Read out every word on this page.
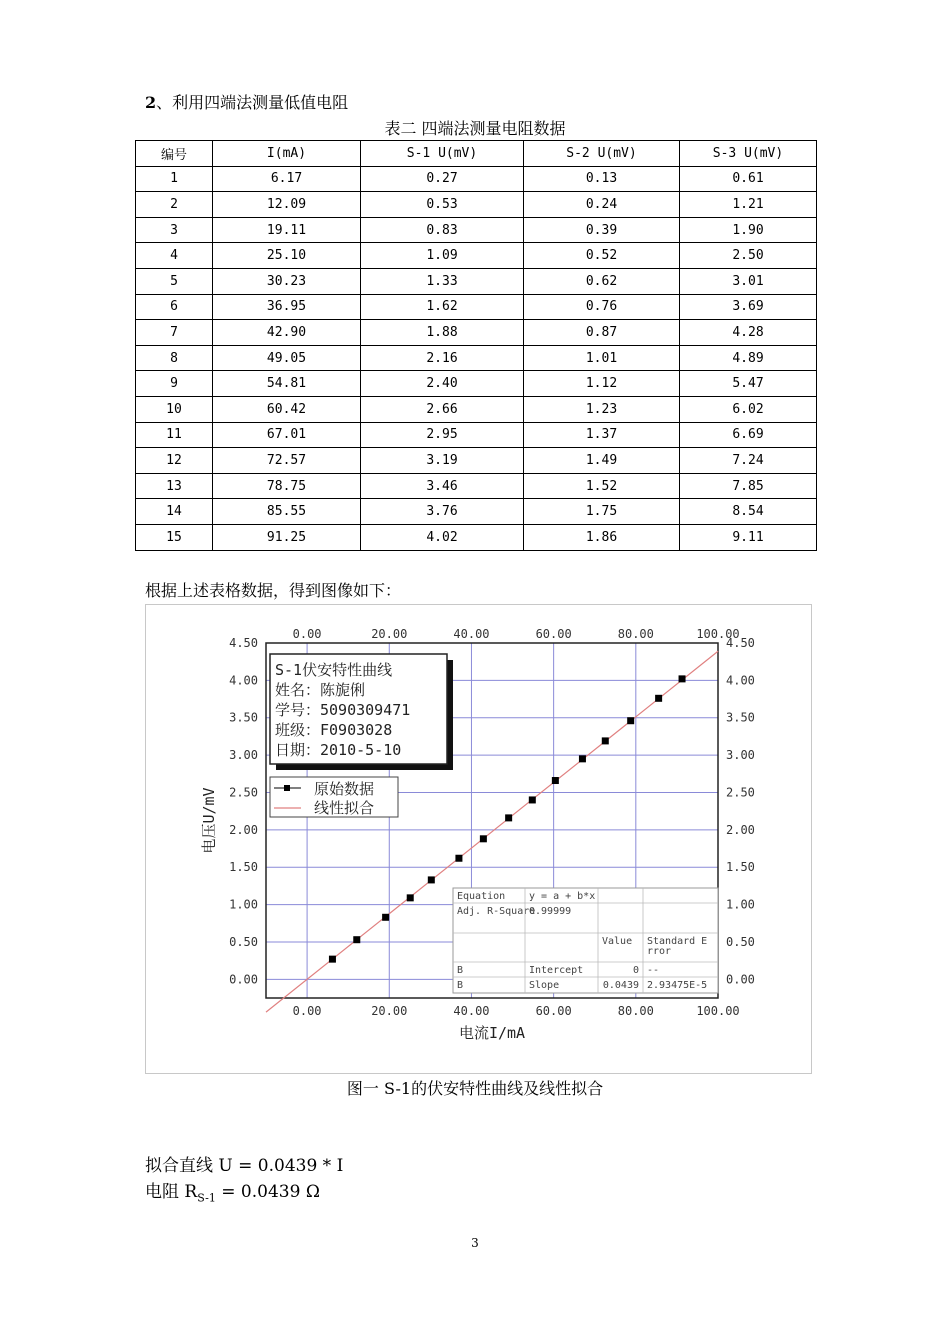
2、利用四端法测量低值电阻
表二 四端法测量电阻数据
编号	I(mA)	S-1 U(mV)	S-2 U(mV)	S-3 U(mV)
1	6.17	0.27	0.13	0.61
2	12.09	0.53	0.24	1.21
3	19.11	0.83	0.39	1.90
4	25.10	1.09	0.52	2.50
5	30.23	1.33	0.62	3.01
6	36.95	1.62	0.76	3.69
7	42.90	1.88	0.87	4.28
8	49.05	2.16	1.01	4.89
9	54.81	2.40	1.12	5.47
10	60.42	2.66	1.23	6.02
11	67.01	2.95	1.37	6.69
12	72.57	3.19	1.49	7.24
13	78.75	3.46	1.52	7.85
14	85.55	3.76	1.75	8.54
15	91.25	4.02	1.86	9.11
根据上述表格数据，得到图像如下：
0.00
0.00
20.00
20.00
40.00
40.00
60.00
60.00
80.00
80.00
100.00
100.00
0.00	0.00
0.50	0.50
1.00	1.00
1.50	1.50
2.00	2.00
2.50	2.50
3.00	3.00
3.50	3.50
4.00	4.00
4.50	4.50
电流I/mA
电压U/mV
S-1伏安特性曲线
姓名：陈旎俐
学号：5090309471
班级：F0903028
日期：2010-5-10
原始数据
线性拟合
Equation y = a + b*x
Adj. R-Square
0.99999
Value Standard E
rror
B	Intercept	0 --
B	Slope	0.0439 2.93475E-5
图一 S-1的伏安特性曲线及线性拟合
拟合直线 U = 0.0439 * I
电阻 $R_{S-1} = 0.0439$ Ω
3
